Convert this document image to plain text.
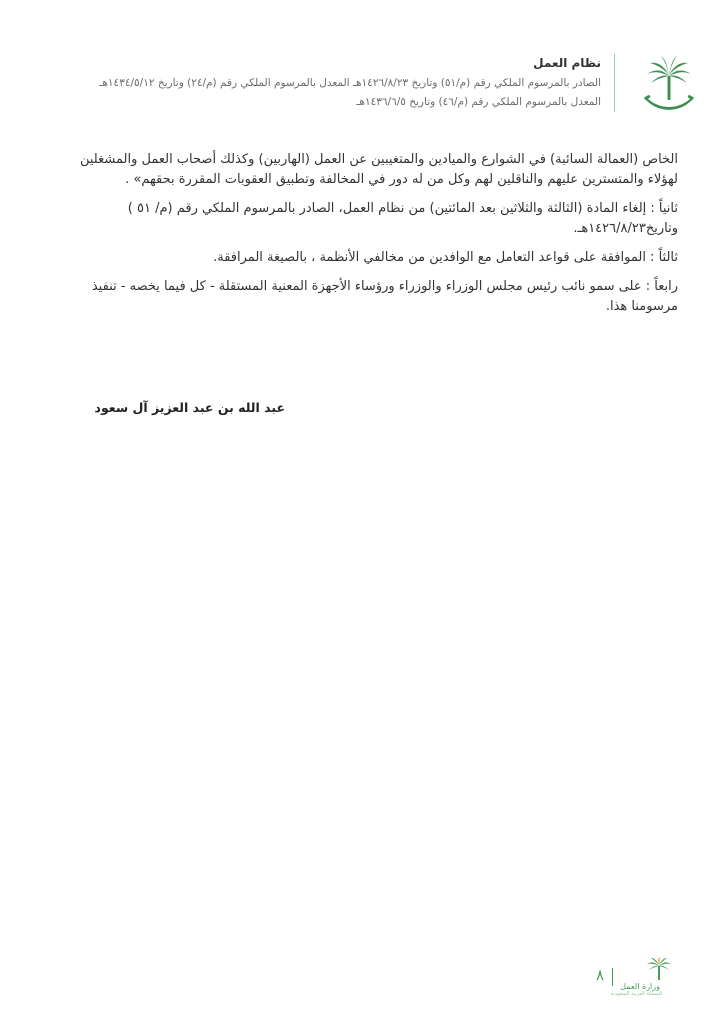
نظام العمل
الصادر بالمرسوم الملكي رقم (م/٥١) وتاريخ ١٤٢٦/٨/٢٣هـ المعدل بالمرسوم الملكي رقم (م/٢٤) وتاريخ ١٤٣٤/٥/١٢هـ
المعدل بالمرسوم الملكي رقم (م/٤٦) وتاريخ ١٤٣٦/٦/٥هـ

الخاص (العمالة السائبة) في الشوارع والميادين والمتغيبين عن العمل (الهاربين) وكذلك أصحاب العمل والمشغلين لهؤلاء والمتسترين عليهم والناقلين لهم وكل من له دور في المخالفة وتطبيق العقوبات المقررة بحقهم» .

ثانياً : إلغاء المادة (الثالثة والثلاثين بعد المائتين) من نظام العمل، الصادر بالمرسوم الملكي رقم (م/ ٥١ ) وتاريخ١٤٢٦/٨/٢٣هـ.

ثالثاً : الموافقة على قواعد التعامل مع الوافدين من مخالفي الأنظمة ، بالصيغة المرافقة.

رابعاً : على سمو نائب رئيس مجلس الوزراء والوزراء ورؤساء الأجهزة المعنية المستقلة - كل فيما يخصه - تنفيذ مرسومنا هذا.

عبد الله بن عبد العزيز آل سعود
٨
وزارة العمل
المملكة العربية السعودية
